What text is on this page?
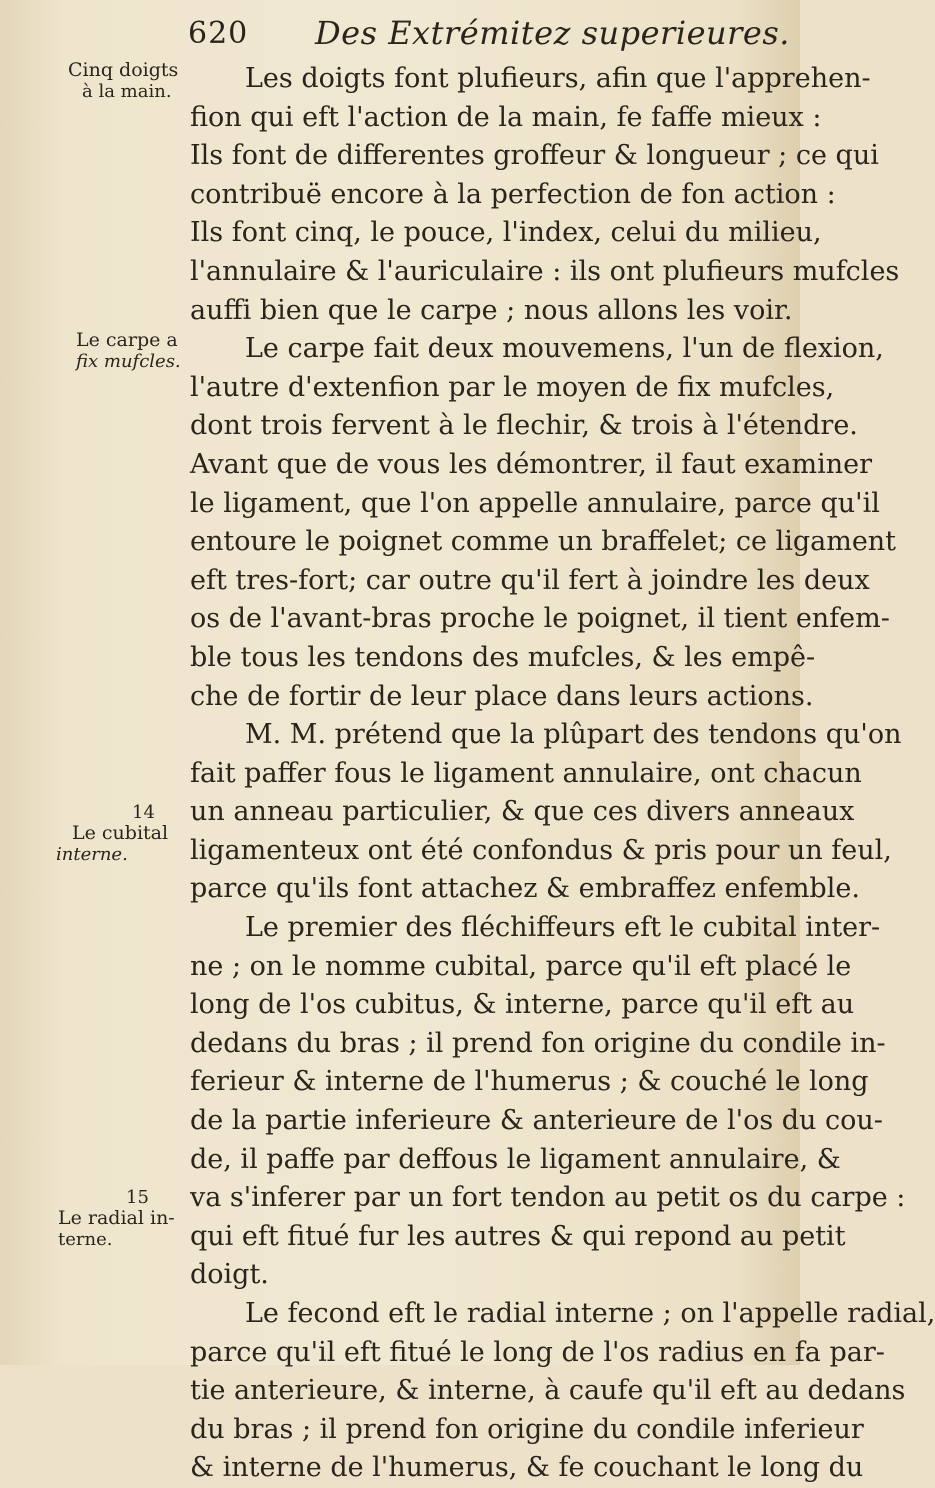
620 Des Extrémitez superieures.
Cinq doigts
à la main.
Le carpe a
fix mufcles.
14
Le cubital
interne.
15
Le radial in-
terne.
Les doigts font plufieurs, afin que l'apprehen-
fion qui eft l'action de la main, fe faffe mieux :
Ils font de differentes groffeur & longueur ; ce qui
contribuë encore à la perfection de fon action :
Ils font cinq, le pouce, l'index, celui du milieu,
l'annulaire & l'auriculaire : ils ont plufieurs mufcles
auffi bien que le carpe ; nous allons les voir.
Le carpe fait deux mouvemens, l'un de flexion,
l'autre d'extenfion par le moyen de fix mufcles,
dont trois fervent à le flechir, & trois à l'étendre.
Avant que de vous les démontrer, il faut examiner
le ligament, que l'on appelle annulaire, parce qu'il
entoure le poignet comme un braffelet; ce ligament
eft tres-fort; car outre qu'il fert à joindre les deux
os de l'avant-bras proche le poignet, il tient enfem-
ble tous les tendons des mufcles, & les empê-
che de fortir de leur place dans leurs actions.
M. M. prétend que la plûpart des tendons qu'on
fait paffer fous le ligament annulaire, ont chacun
un anneau particulier, & que ces divers anneaux
ligamenteux ont été confondus & pris pour un feul,
parce qu'ils font attachez & embraffez enfemble.
Le premier des fléchiffeurs eft le cubital inter-
ne ; on le nomme cubital, parce qu'il eft placé le
long de l'os cubitus, & interne, parce qu'il eft au
dedans du bras ; il prend fon origine du condile in-
ferieur & interne de l'humerus ; & couché le long
de la partie inferieure & anterieure de l'os du cou-
de, il paffe par deffous le ligament annulaire, &
va s'inferer par un fort tendon au petit os du carpe :
qui eft fitué fur les autres & qui repond au petit
doigt.
Le fecond eft le radial interne ; on l'appelle radial,
parce qu'il eft fitué le long de l'os radius en fa par-
tie anterieure, & interne, à caufe qu'il eft au dedans
du bras ; il prend fon origine du condile inferieur
& interne de l'humerus, & fe couchant le long du
